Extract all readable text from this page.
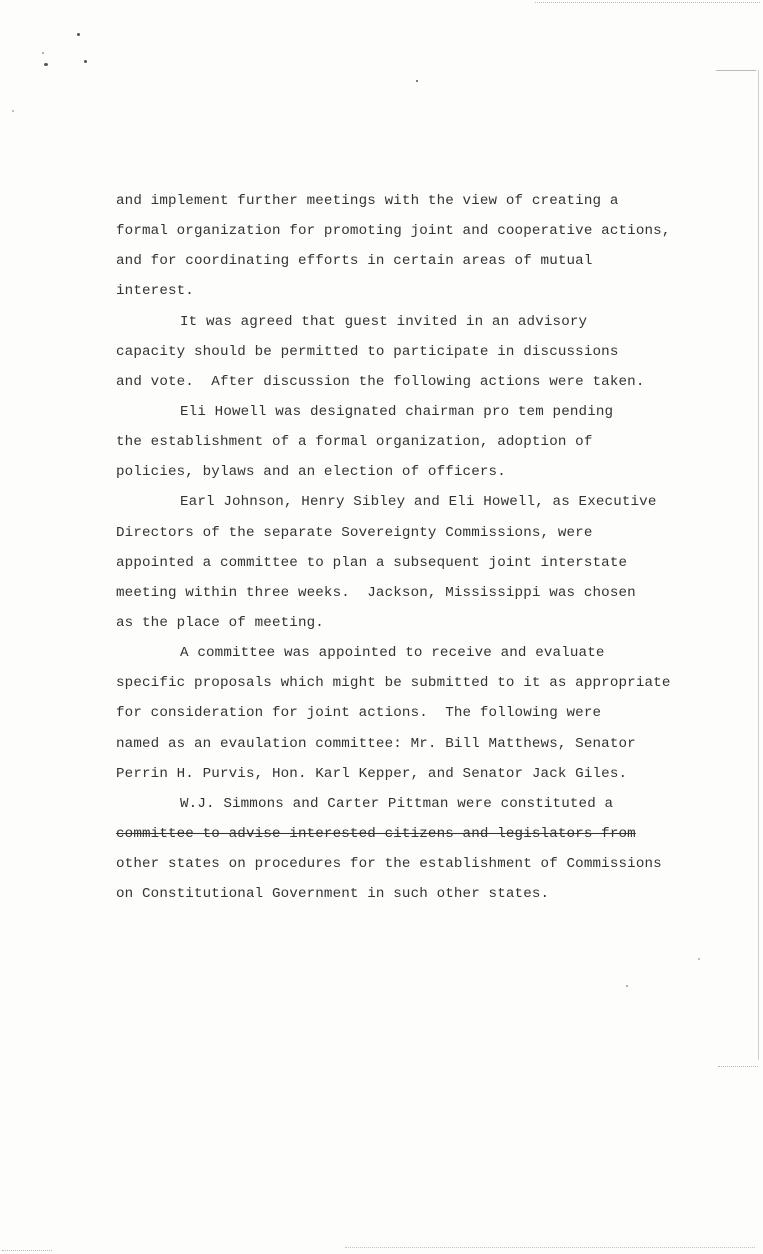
and implement further meetings with the view of creating a
formal organization for promoting joint and cooperative actions,
and for coordinating efforts in certain areas of mutual
interest.
It was agreed that guest invited in an advisory
capacity should be permitted to participate in discussions
and vote.  After discussion the following actions were taken.
Eli Howell was designated chairman pro tem pending
the establishment of a formal organization, adoption of
policies, bylaws and an election of officers.
Earl Johnson, Henry Sibley and Eli Howell, as Executive
Directors of the separate Sovereignty Commissions, were
appointed a committee to plan a subsequent joint interstate
meeting within three weeks.  Jackson, Mississippi was chosen
as the place of meeting.
A committee was appointed to receive and evaluate
specific proposals which might be submitted to it as appropriate
for consideration for joint actions.  The following were
named as an evaulation committee: Mr. Bill Matthews, Senator
Perrin H. Purvis, Hon. Karl Kepper, and Senator Jack Giles.
W.J. Simmons and Carter Pittman were constituted a
committee to advise interested citizens and legislators from
other states on procedures for the establishment of Commissions
on Constitutional Government in such other states.
